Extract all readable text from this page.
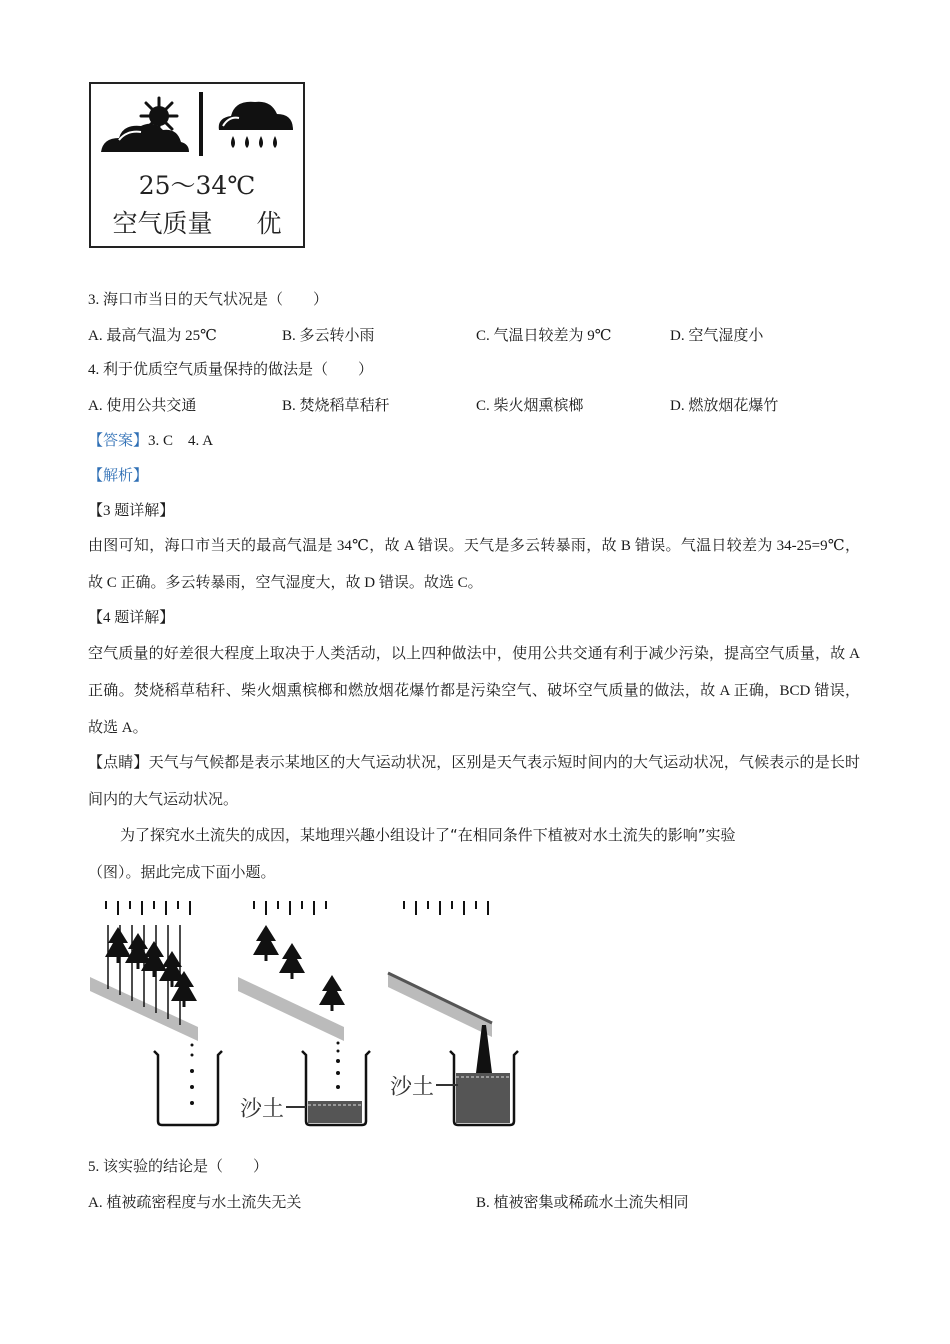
25～34℃
空气质量 优
3. 海口市当日的天气状况是（　　）
A. 最高气温为 25℃	B. 多云转小雨	C. 气温日较差为 9℃	D. 空气湿度小
4. 利于优质空气质量保持的做法是（　　）
A. 使用公共交通	B. 焚烧稻草秸秆	C. 柴火烟熏槟榔	D. 燃放烟花爆竹
【答案】3. C　4. A
【解析】
【3 题详解】
由图可知，海口市当天的最高气温是 34℃，故 A 错误。天气是多云转暴雨，故 B 错误。气温日较差为 34-25=9℃，故 C 正确。多云转暴雨，空气湿度大，故 D 错误。故选 C。
【4 题详解】
空气质量的好差很大程度上取决于人类活动，以上四种做法中，使用公共交通有利于减少污染，提高空气质量，故 A 正确。焚烧稻草秸秆、柴火烟熏槟榔和燃放烟花爆竹都是污染空气、破坏空气质量的做法，故 A 正确，BCD 错误，故选 A。
【点睛】天气与气候都是表示某地区的大气运动状况，区别是天气表示短时间内的大气运动状况，气候表示的是长时间内的大气运动状况。
为了探究水土流失的成因，某地理兴趣小组设计了“在相同条件下植被对水土流失的影响”实验
（图）。据此完成下面小题。
沙土
沙土
5. 该实验的结论是（　　）
A. 植被疏密程度与水土流失无关	B. 植被密集或稀疏水土流失相同
